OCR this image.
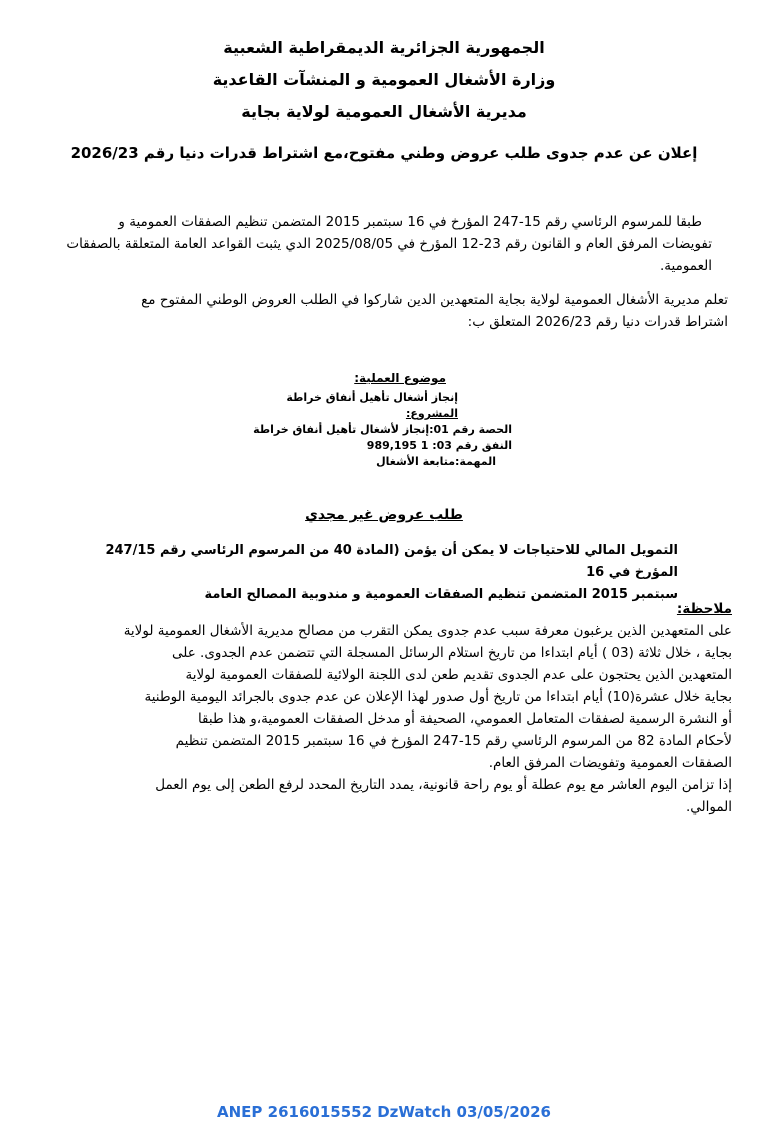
الجمهورية الجزائرية الديمقراطية الشعبية
وزارة الأشغال العمومية و المنشآت القاعدية
مديرية الأشغال العمومية لولاية بجاية
إعلان عن عدم جدوى طلب عروض وطني مفتوح،مع اشتراط قدرات دنيا رقم 2026/23
طبقا للمرسوم الرئاسي رقم 15-247 المؤرخ في 16 سبتمبر 2015 المتضمن تنظيم الصفقات العمومية و
تفويضات المرفق العام و القانون رقم 23-12 المؤرخ في 2025/08/05 الدي يثبت القواعد العامة المتعلقة بالصفقات
العمومية.
تعلم مديرية الأشغال العمومية لولاية بجاية المتعهدين الدين شاركوا في الطلب العروض الوطني المفتوح مع
اشتراط قدرات دنيا رقم 2026/23 المتعلق ب:
موضوع العملية:
إنجاز أشغال تأهيل أنفاق خراطة
المشروع:
الحصة رقم 01:إنجاز لأشغال تأهيل أنفاق خراطة
النفق رقم 03: 1 989,195
المهمة:متابعة الأشغال
طلب عروض غير مجدي
التمويل المالي للاحتياجات لا يمكن أن يؤمن (المادة 40 من المرسوم الرئاسي رقم 247/15 المؤرخ في 16
سبتمبر 2015 المتضمن تنظيم الصفقات العمومية و مندوبية المصالح العامة
ملاحظة:
على المتعهدين الذين يرغبون معرفة سبب عدم جدوى يمكن التقرب من مصالح مديرية الأشغال العمومية لولاية
بجاية ، خلال ثلاثة (03 ) أيام ابتداءا من تاريخ استلام الرسائل المسجلة التي تتضمن عدم الجدوى. على
المتعهدين الذين يحتجون على عدم الجدوى تقديم طعن لدى اللجنة الولائية للصفقات العمومية لولاية
بجاية خلال عشرة(10) أيام ابتداءا من تاريخ أول صدور لهذا الإعلان عن عدم جدوى بالجرائد اليومية الوطنية
أو النشرة الرسمية لصفقات المتعامل العمومي، الصحيفة أو مدخل الصفقات العمومية،و هذا طبقا
لأحكام المادة 82 من المرسوم الرئاسي رقم 15-247 المؤرخ في 16 سبتمبر 2015 المتضمن تنظيم
الصفقات العمومية وتفويضات المرفق العام.
إذا تزامن اليوم العاشر مع يوم عطلة أو يوم راحة قانونية، يمدد التاريخ المحدد لرفع الطعن إلى يوم العمل
الموالي.
ANEP 2616015552 DzWatch 03/05/2026
